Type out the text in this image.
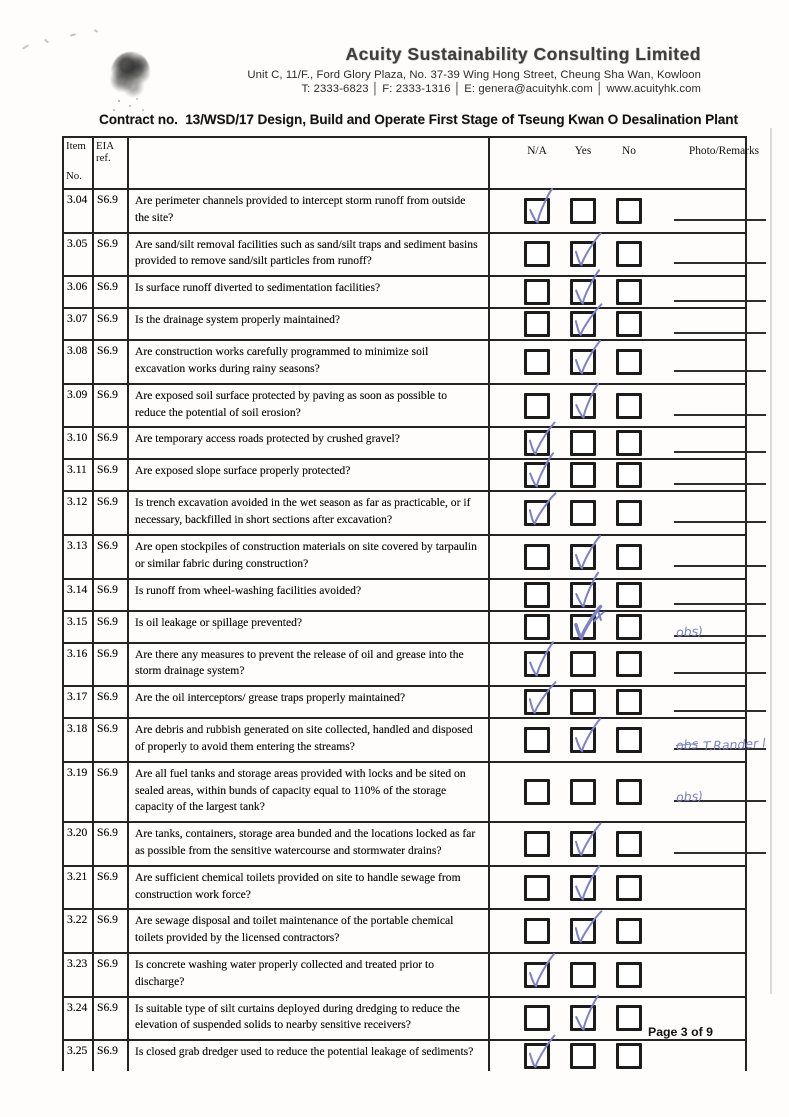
Acuity Sustainability Consulting Limited
Unit C, 11/F., Ford Glory Plaza, No. 37-39 Wing Hong Street, Cheung Sha Wan, Kowloon
T: 2333-6823 │ F: 2333-1316 │ E: genera@acuityhk.com │ www.acuityhk.com
Contract no.  13/WSD/17 Design, Build and Operate First Stage of Tseung Kwan O Desalination Plant
Item
No.	EIA ref.		N/A Yes No Photo/Remarks

3.04	S6.9	Are perimeter channels provided to intercept storm runoff from outside the site?	

3.05	S6.9	Are sand/silt removal facilities such as sand/silt traps and sediment basins provided to remove sand/silt particles from runoff?	

3.06	S6.9	Is surface runoff diverted to sedimentation facilities?	

3.07	S6.9	Is the drainage system properly maintained?	

3.08	S6.9	Are construction works carefully programmed to minimize soil excavation works during rainy seasons?	

3.09	S6.9	Are exposed soil surface protected by paving as soon as possible to reduce the potential of soil erosion?	

3.10	S6.9	Are temporary access roads protected by crushed gravel?	

3.11	S6.9	Are exposed slope surface properly protected?	

3.12	S6.9	Is trench excavation avoided in the wet season as far as practicable, or if necessary, backfilled in short sections after excavation?	

3.13	S6.9	Are open stockpiles of construction materials on site covered by tarpaulin or similar fabric during construction?	

3.14	S6.9	Is runoff from wheel-washing facilities avoided?	

3.15	S6.9	Is oil leakage or spillage prevented?	✗
obs)

3.16	S6.9	Are there any measures to prevent the release of oil and grease into the storm drainage system?	

3.17	S6.9	Are the oil interceptors/ grease traps properly maintained?	

3.18	S6.9	Are debris and rubbish generated on site collected, handled and disposed of properly to avoid them entering the streams?	obs T.Rander l

3.19	S6.9	Are all fuel tanks and storage areas provided with locks and be sited on sealed areas, within bunds of capacity equal to 110% of the storage capacity of the largest tank?	obs)

3.20	S6.9	Are tanks, containers, storage area bunded and the locations locked as far as possible from the sensitive watercourse and stormwater drains?	

3.21	S6.9	Are sufficient chemical toilets provided on site to handle sewage from construction work force?	

3.22	S6.9	Are sewage disposal and toilet maintenance of the portable chemical toilets provided by the licensed contractors?	

3.23	S6.9	Is concrete washing water properly collected and treated prior to discharge?	

3.24	S6.9	Is suitable type of silt curtains deployed during dredging to reduce the elevation of suspended solids to nearby sensitive receivers?	

3.25	S6.9	Is closed grab dredger used to reduce the potential leakage of sediments?	
Page 3 of 9
